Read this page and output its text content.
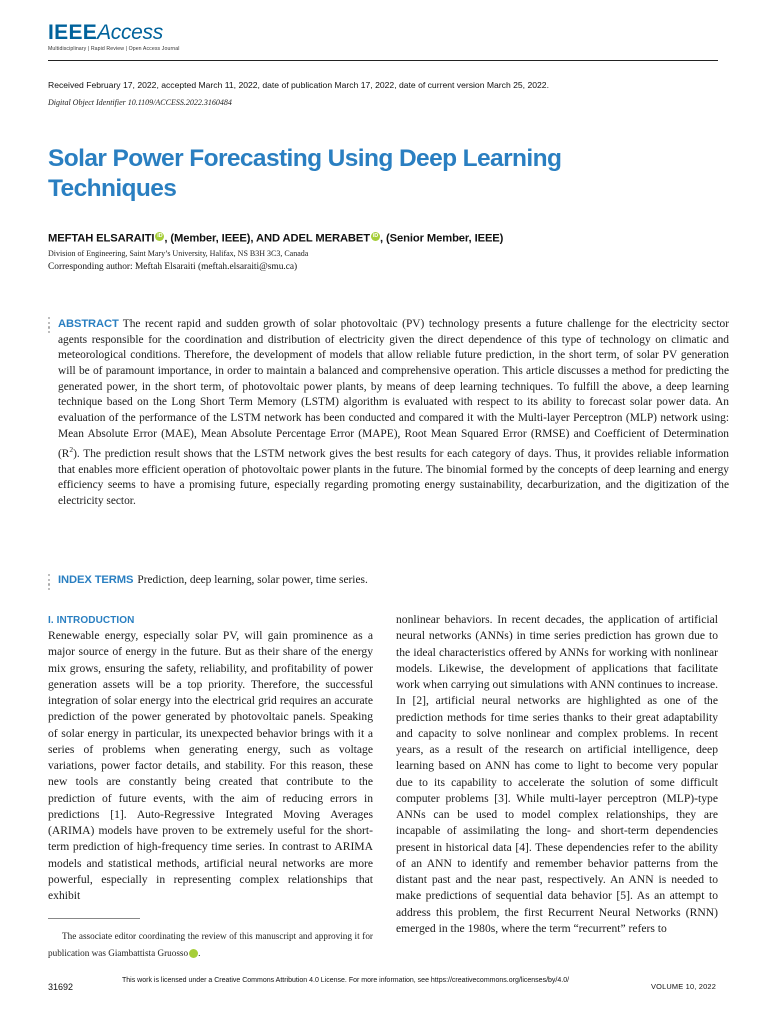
IEEEAccess
Multidisciplinary | Rapid Review | Open Access Journal
Received February 17, 2022, accepted March 11, 2022, date of publication March 17, 2022, date of current version March 25, 2022.
Digital Object Identifier 10.1109/ACCESS.2022.3160484
Solar Power Forecasting Using Deep Learning Techniques
MEFTAH ELSARAITI iD , (Member, IEEE), AND ADEL MERABET iD , (Senior Member, IEEE)
Division of Engineering, Saint Mary’s University, Halifax, NS B3H 3C3, Canada
Corresponding author: Meftah Elsaraiti (meftah.elsaraiti@smu.ca)

ABSTRACT The recent rapid and sudden growth of solar photovoltaic (PV) technology presents a future challenge for the electricity sector agents responsible for the coordination and distribution of electricity given the direct dependence of this type of technology on climatic and meteorological conditions. Therefore, the development of models that allow reliable future prediction, in the short term, of solar PV generation will be of paramount importance, in order to maintain a balanced and comprehensive operation. This article discusses a method for predicting the generated power, in the short term, of photovoltaic power plants, by means of deep learning techniques. To fulfill the above, a deep learning technique based on the Long Short Term Memory (LSTM) algorithm is evaluated with respect to its ability to forecast solar power data. An evaluation of the performance of the LSTM network has been conducted and compared it with the Multi-layer Perceptron (MLP) network using: Mean Absolute Error (MAE), Mean Absolute Percentage Error (MAPE), Root Mean Squared Error (RMSE) and Coefficient of Determination $(R^2)$. The prediction result shows that the LSTM network gives the best results for each category of days. Thus, it provides reliable information that enables more efficient operation of photovoltaic power plants in the future. The binomial formed by the concepts of deep learning and energy efficiency seems to have a promising future, especially regarding promoting energy sustainability, decarburization, and the digitization of the electricity sector.

INDEX TERMS Prediction, deep learning, solar power, time series.
I. INTRODUCTION

Renewable energy, especially solar PV, will gain prominence as a major source of energy in the future. But as their share of the energy mix grows, ensuring the safety, reliability, and profitability of power generation assets will be a top priority. Therefore, the successful integration of solar energy into the electrical grid requires an accurate prediction of the power generated by photovoltaic panels. Speaking of solar energy in particular, its unexpected behavior brings with it a series of problems when generating energy, such as voltage variations, power factor details, and stability. For this reason, these new tools are constantly being created that contribute to the prediction of future events, with the aim of reducing errors in predictions [1]. Auto-Regressive Integrated Moving Averages (ARIMA) models have proven to be extremely useful for the short-term prediction of high-frequency time series. In contrast to ARIMA models and statistical methods, artificial neural networks are more powerful, especially in representing complex relationships that exhibit

nonlinear behaviors. In recent decades, the application of artificial neural networks (ANNs) in time series prediction has grown due to the ideal characteristics offered by ANNs for working with nonlinear models. Likewise, the development of applications that facilitate work when carrying out simulations with ANN continues to increase. In [2], artificial neural networks are highlighted as one of the prediction methods for time series thanks to their great adaptability and capacity to solve nonlinear and complex problems. In recent years, as a result of the research on artificial intelligence, deep learning based on ANN has come to light to become very popular due to its capability to accelerate the solution of some difficult computer problems [3]. While multi-layer perceptron (MLP)-type ANNs can be used to model complex relationships, they are incapable of assimilating the long- and short-term dependencies present in historical data [4]. These dependencies refer to the ability of an ANN to identify and remember behavior patterns from the distant past and the near past, respectively. An ANN is needed to make predictions of sequential data behavior [5]. As an attempt to address this problem, the first Recurrent Neural Networks (RNN) emerged in the 1980s, where the term “recurrent” refers to

The associate editor coordinating the review of this manuscript and approving it for publication was Giambattista Gruosso	iD.

31692
This work is licensed under a Creative Commons Attribution 4.0 License. For more information, see https://creativecommons.org/licenses/by/4.0/
VOLUME 10, 2022
